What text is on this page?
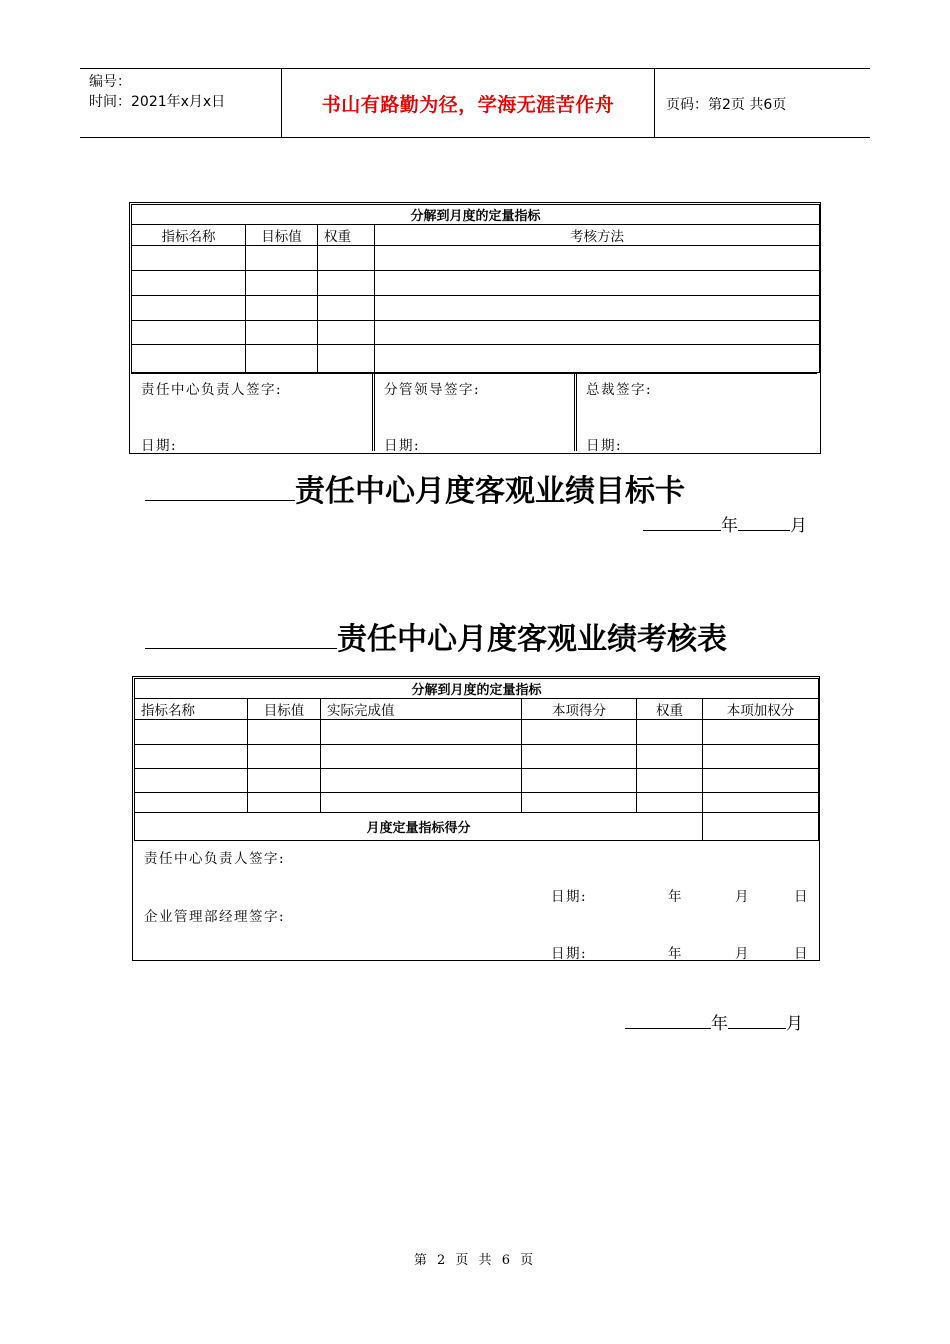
编号：
时间：2021年x月x日	书山有路勤为径，学海无涯苦作舟	页码：第2页 共6页
分解到月度的定量指标			
指标名称	目标值	权重	考核方法

责任中心负责人签字:
日期:
分管领导签字:
日期:
总裁签字:
日期:
责任中心月度客观业绩目标卡
年	月
责任中心月度客观业绩考核表
分解到月度的定量指标					
指标名称	目标值	实际完成值	本项得分	权重	本项加权分

月度定量指标得分					
责任中心负责人签字:
日期:	年	月	日
企业管理部经理签字:
日期:	年	月	日
年	月
第 2 页 共 6 页
